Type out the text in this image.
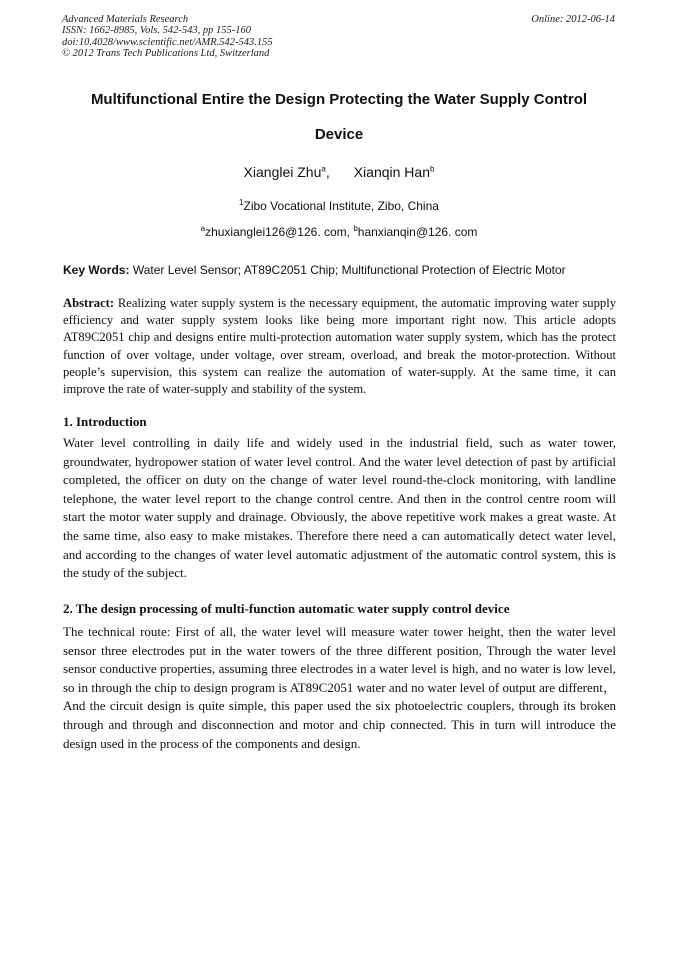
Advanced Materials Research
ISSN: 1662-8985, Vols. 542-543, pp 155-160
doi:10.4028/www.scientific.net/AMR.542-543.155
© 2012 Trans Tech Publications Ltd, Switzerland
Online: 2012-06-14
Multifunctional Entire the Design Protecting the Water Supply Control
Device
Xianglei Zhu$^a$, Xianqin Han$^b$
$^1$Zibo Vocational Institute, Zibo, China
$^a$zhuxianglei126@126. com, $^b$hanxianqin@126. com
Key Words: Water Level Sensor; AT89C2051 Chip; Multifunctional Protection of Electric Motor
Abstract: Realizing water supply system is the necessary equipment, the automatic improving water supply efficiency and water supply system looks like being more important right now. This article adopts AT89C2051 chip and designs entire multi-protection automation water supply system, which has the protect function of over voltage, under voltage, over stream, overload, and break the motor-protection. Without people’s supervision, this system can realize the automation of water-supply. At the same time, it can improve the rate of water-supply and stability of the system.
1. Introduction
Water level controlling in daily life and widely used in the industrial field, such as water tower, groundwater, hydropower station of water level control. And the water level detection of past by artificial completed, the officer on duty on the change of water level round-the-clock monitoring, with landline telephone, the water level report to the change control centre. And then in the control centre room will start the motor water supply and drainage. Obviously, the above repetitive work makes a great waste. At the same time, also easy to make mistakes. Therefore there need a can automatically detect water level, and according to the changes of water level automatic adjustment of the automatic control system, this is the study of the subject.
2. The design processing of multi-function automatic water supply control device
The technical route: First of all, the water level will measure water tower height, then the water level sensor three electrodes put in the water towers of the three different position, Through the water level sensor conductive properties, assuming three electrodes in a water level is high, and no water is low level, so in through the chip to design program is AT89C2051 water and no water level of output are different，And the circuit design is quite simple, this paper used the six photoelectric couplers, through its broken through and through and disconnection and motor and chip connected. This in turn will introduce the design used in the process of the components and design.
